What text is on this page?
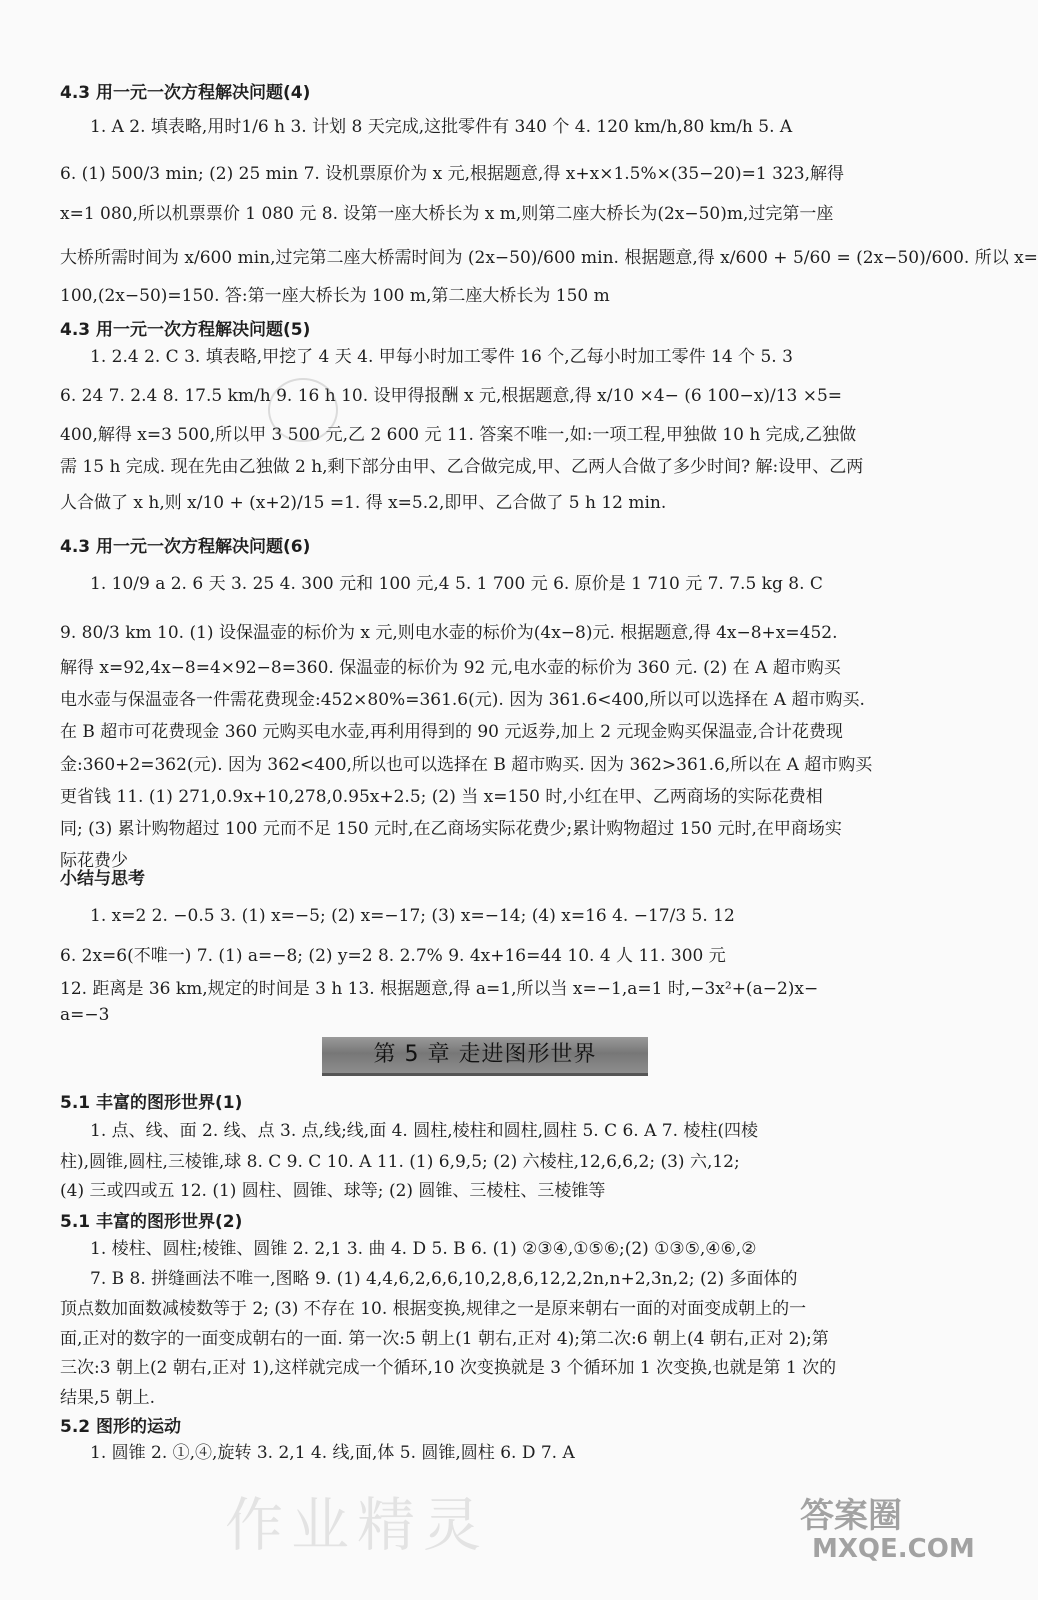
4.3 用一元一次方程解决问题(4)
1. A 2. 填表略,用时1/6 h 3. 计划 8 天完成,这批零件有 340 个 4. 120 km/h,80 km/h 5. A
6. (1) 500/3 min; (2) 25 min 7. 设机票原价为 x 元,根据题意,得 x+x×1.5%×(35−20)=1 323,解得
x=1 080,所以机票票价 1 080 元 8. 设第一座大桥长为 x m,则第二座大桥长为(2x−50)m,过完第一座
大桥所需时间为 x/600 min,过完第二座大桥需时间为 (2x−50)/600 min. 根据题意,得 x/600 + 5/60 = (2x−50)/600. 所以 x=
100,(2x−50)=150. 答:第一座大桥长为 100 m,第二座大桥长为 150 m
4.3 用一元一次方程解决问题(5)
1. 2.4 2. C 3. 填表略,甲挖了 4 天 4. 甲每小时加工零件 16 个,乙每小时加工零件 14 个 5. 3
6. 24 7. 2.4 8. 17.5 km/h 9. 16 h 10. 设甲得报酬 x 元,根据题意,得 x/10 ×4− (6 100−x)/13 ×5=
400,解得 x=3 500,所以甲 3 500 元,乙 2 600 元 11. 答案不唯一,如:一项工程,甲独做 10 h 完成,乙独做
需 15 h 完成. 现在先由乙独做 2 h,剩下部分由甲、乙合做完成,甲、乙两人合做了多少时间? 解:设甲、乙两
人合做了 x h,则 x/10 + (x+2)/15 =1. 得 x=5.2,即甲、乙合做了 5 h 12 min.
4.3 用一元一次方程解决问题(6)
1. 10/9 a 2. 6 天 3. 25 4. 300 元和 100 元,4 5. 1 700 元 6. 原价是 1 710 元 7. 7.5 kg 8. C
9. 80/3 km 10. (1) 设保温壶的标价为 x 元,则电水壶的标价为(4x−8)元. 根据题意,得 4x−8+x=452.
解得 x=92,4x−8=4×92−8=360. 保温壶的标价为 92 元,电水壶的标价为 360 元. (2) 在 A 超市购买
电水壶与保温壶各一件需花费现金:452×80%=361.6(元). 因为 361.6<400,所以可以选择在 A 超市购买.
在 B 超市可花费现金 360 元购买电水壶,再利用得到的 90 元返券,加上 2 元现金购买保温壶,合计花费现
金:360+2=362(元). 因为 362<400,所以也可以选择在 B 超市购买. 因为 362>361.6,所以在 A 超市购买
更省钱 11. (1) 271,0.9x+10,278,0.95x+2.5; (2) 当 x=150 时,小红在甲、乙两商场的实际花费相
同; (3) 累计购物超过 100 元而不足 150 元时,在乙商场实际花费少;累计购物超过 150 元时,在甲商场实
际花费少
小结与思考
1. x=2 2. −0.5 3. (1) x=−5; (2) x=−17; (3) x=−14; (4) x=16 4. −17/3 5. 12
6. 2x=6(不唯一) 7. (1) a=−8; (2) y=2 8. 2.7% 9. 4x+16=44 10. 4 人 11. 300 元
12. 距离是 36 km,规定的时间是 3 h 13. 根据题意,得 a=1,所以当 x=−1,a=1 时,−3x²+(a−2)x−
a=−3
第 5 章 走进图形世界
5.1 丰富的图形世界(1)
1. 点、线、面 2. 线、点 3. 点,线;线,面 4. 圆柱,棱柱和圆柱,圆柱 5. C 6. A 7. 棱柱(四棱
柱),圆锥,圆柱,三棱锥,球 8. C 9. C 10. A 11. (1) 6,9,5; (2) 六棱柱,12,6,6,2; (3) 六,12;
(4) 三或四或五 12. (1) 圆柱、圆锥、球等; (2) 圆锥、三棱柱、三棱锥等
5.1 丰富的图形世界(2)
1. 棱柱、圆柱;棱锥、圆锥 2. 2,1 3. 曲 4. D 5. B 6. (1) ②③④,①⑤⑥;(2) ①③⑤,④⑥,②
7. B 8. 拼缝画法不唯一,图略 9. (1) 4,4,6,2,6,6,10,2,8,6,12,2,2n,n+2,3n,2; (2) 多面体的
顶点数加面数减棱数等于 2; (3) 不存在 10. 根据变换,规律之一是原来朝右一面的对面变成朝上的一
面,正对的数字的一面变成朝右的一面. 第一次:5 朝上(1 朝右,正对 4);第二次:6 朝上(4 朝右,正对 2);第
三次:3 朝上(2 朝右,正对 1),这样就完成一个循环,10 次变换就是 3 个循环加 1 次变换,也就是第 1 次的
结果,5 朝上.
5.2 图形的运动
1. 圆锥 2. ①,④,旋转 3. 2,1 4. 线,面,体 5. 圆锥,圆柱 6. D 7. A
作业精灵	答案圈
MXQE.COM
